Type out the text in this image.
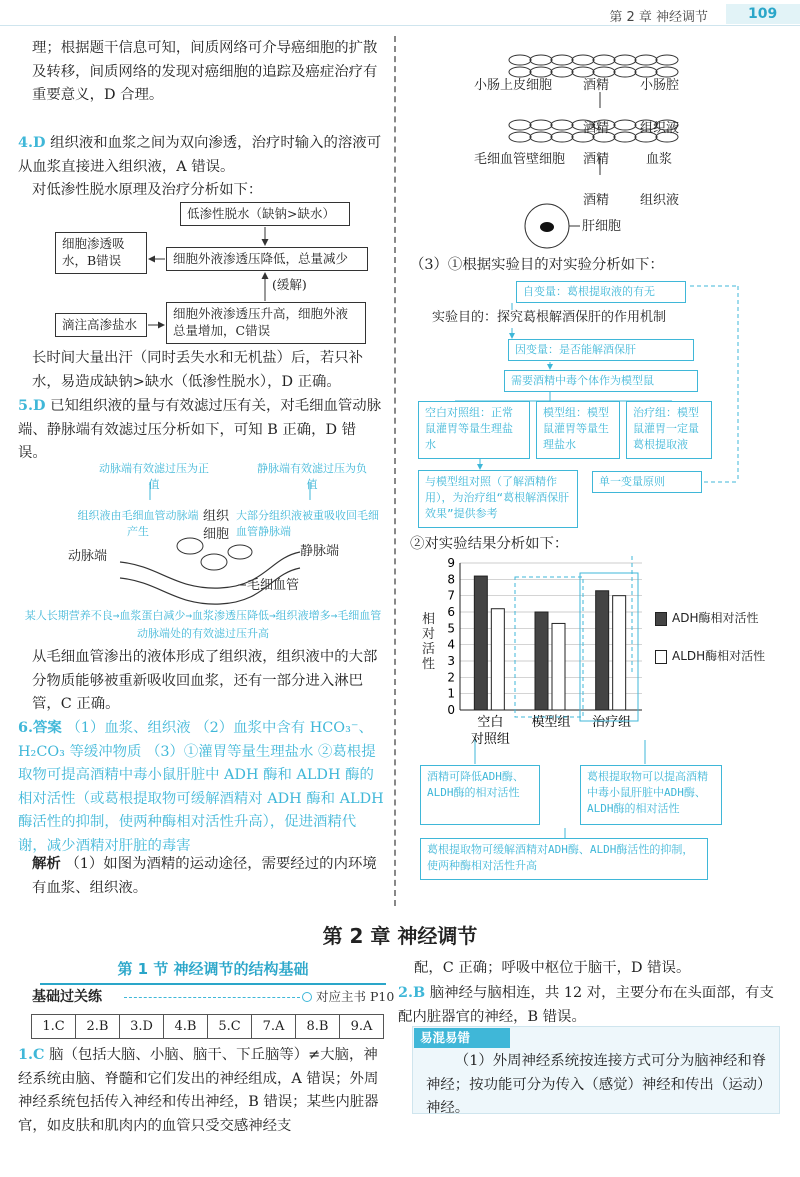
第 2 章 神经调节	109
理；根据题干信息可知，间质网络可介导癌细胞的扩散及转移，间质网络的发现对癌细胞的追踪及癌症治疗有重要意义，D 合理。
4.D 组织液和血浆之间为双向渗透，治疗时输入的溶液可从血浆直接进入组织液，A 错误。
对低渗性脱水原理及治疗分析如下：
低渗性脱水（缺钠>缺水）
细胞外液渗透压降低，总量减少
细胞渗透吸水，B错误
细胞外液渗透压升高，细胞外液总量增加，C错误
滴注高渗盐水
(缓解)
长时间大量出汗（同时丢失水和无机盐）后，若只补水，易造成缺钠>缺水（低渗性脱水），D 正确。
5.D 已知组织液的量与有效滤过压有关，对毛细血管动脉端、静脉端有效滤过压分析如下，可知 B 正确，D 错误。
动脉端有效滤过压为正值
静脉端有效滤过压为负值
组织液由毛细血管动脉端产生
大部分组织液被重吸收回毛细血管静脉端
组织细胞
动脉端	静脉端
毛细血管
某人长期营养不良→血浆蛋白减少→血浆渗透压降低→组织液增多→毛细血管动脉端处的有效滤过压升高
从毛细血管渗出的液体形成了组织液，组织液中的大部分物质能够被重新吸收回血浆，还有一部分进入淋巴管，C 正确。
6.答案 （1）血浆、组织液 （2）血浆中含有 HCO₃⁻、H₂CO₃ 等缓冲物质 （3）①灌胃等量生理盐水 ②葛根提取物可提高酒精中毒小鼠肝脏中 ADH 酶和 ALDH 酶的相对活性（或葛根提取物可缓解酒精对 ADH 酶和 ALDH 酶活性的抑制，使两种酶相对活性升高），促进酒精代谢，减少酒精对肝脏的毒害
解析 （1）如图为酒精的运动途径，需要经过的内环境有血浆、组织液。
小肠上皮细胞 酒精 小肠腔
酒精 组织液
毛细血管壁细胞 酒精	血浆
酒精 组织液
肝细胞
（3）①根据实验目的对实验分析如下：
自变量：葛根提取液的有无
实验目的：探究葛根解酒保肝的作用机制
因变量：是否能解酒保肝
需要酒精中毒个体作为模型鼠
空白对照组：正常鼠灌胃等量生理盐水
模型组：模型鼠灌胃等量生理盐水
治疗组：模型鼠灌胃一定量葛根提取液
与模型组对照（了解酒精作用），为治疗组“葛根解酒保肝效果”提供参考
单一变量原则
②对实验结果分析如下：
0
1
2
3
4
5
6
7
8
9
空白对照组
模型组 治疗组
相对活性
ADH酶相对活性
ALDH酶相对活性
酒精可降低ADH酶、ALDH酶的相对活性
葛根提取物可以提高酒精中毒小鼠肝脏中ADH酶、ALDH酶的相对活性
葛根提取物可缓解酒精对ADH酶、ALDH酶活性的抑制，使两种酶相对活性升高
第 2 章 神经调节
第 1 节 神经调节的结构基础
基础过关练	对应主书 P10
1.C	2.B	3.D	4.B	5.C	7.A	8.B	9.A
1.C 脑（包括大脑、小脑、脑干、下丘脑等）≠大脑，神经系统由脑、脊髓和它们发出的神经组成，A 错误；外周神经系统包括传入神经和传出神经，B 错误；某些内脏器官，如皮肤和肌肉内的血管只受交感神经支
配，C 正确；呼吸中枢位于脑干，D 错误。
2.B 脑神经与脑相连，共 12 对，主要分布在头面部，有支配内脏器官的神经，B 错误。
易混易错
（1）外周神经系统按连接方式可分为脑神经和脊神经；按功能可分为传入（感觉）神经和传出（运动）神经。
